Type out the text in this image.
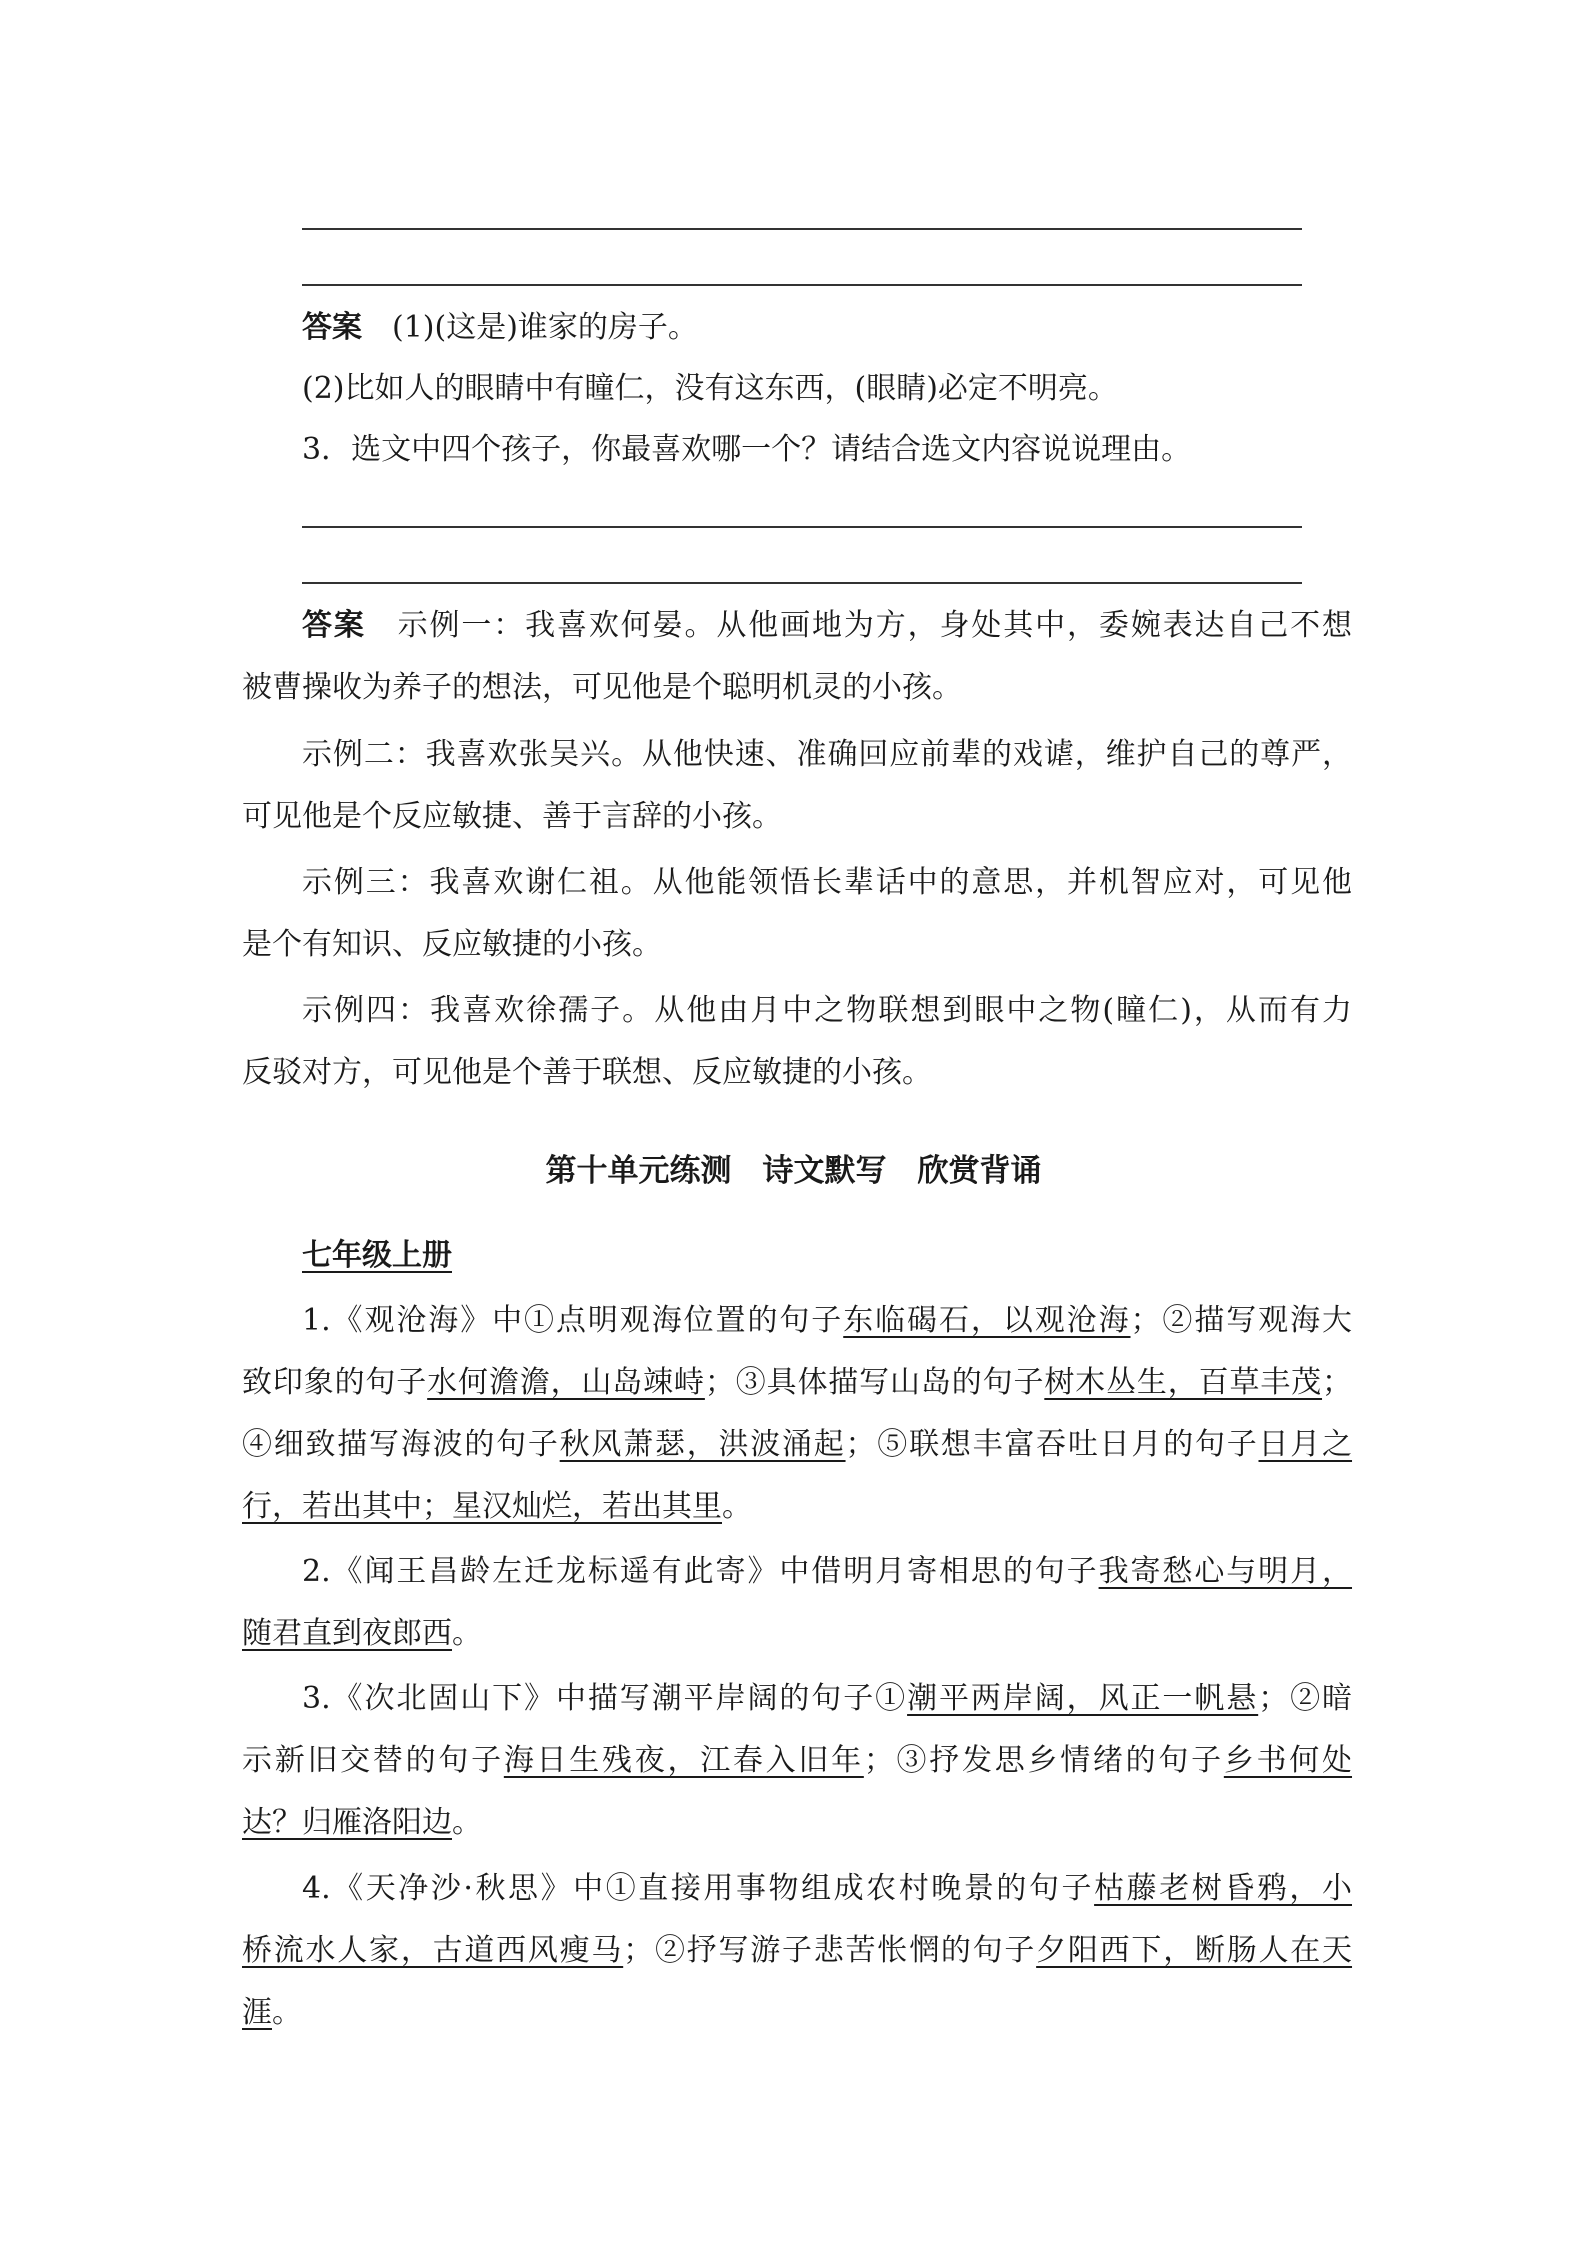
答案　 (1)(这是)谁家的房子。
(2)比如人的眼睛中有瞳仁，没有这东西，(眼睛)必定不明亮。
3．选文中四个孩子，你最喜欢哪一个？请结合选文内容说说理由。
答案　 示例一：我喜欢何晏。从他画地为方，身处其中，委婉表达自己不想
被曹操收为养子的想法，可见他是个聪明机灵的小孩。
示例二：我喜欢张吴兴。从他快速、准确回应前辈的戏谑，维护自己的尊严，
可见他是个反应敏捷、善于言辞的小孩。
示例三：我喜欢谢仁祖。从他能领悟长辈话中的意思，并机智应对，可见他
是个有知识、反应敏捷的小孩。
示例四：我喜欢徐孺子。从他由月中之物联想到眼中之物(瞳仁)，从而有力
反驳对方，可见他是个善于联想、反应敏捷的小孩。
第十单元练测　诗文默写　欣赏背诵
七年级上册
1.《观沧海》中①点明观海位置的句子东临碣石，以观沧海；②描写观海大
致印象的句子水何澹澹，山岛竦峙；③具体描写山岛的句子树木丛生，百草丰茂；
④细致描写海波的句子秋风萧瑟，洪波涌起；⑤联想丰富吞吐日月的句子日月之
行，若出其中；星汉灿烂，若出其里。
2.《闻王昌龄左迁龙标遥有此寄》中借明月寄相思的句子我寄愁心与明月，
随君直到夜郎西。
3.《次北固山下》中描写潮平岸阔的句子①潮平两岸阔，风正一帆悬；②暗
示新旧交替的句子海日生残夜，江春入旧年；③抒发思乡情绪的句子乡书何处
达？归雁洛阳边。
4.《天净沙·秋思》中①直接用事物组成农村晚景的句子枯藤老树昏鸦，小
桥流水人家，古道西风瘦马；②抒写游子悲苦怅惘的句子夕阳西下，断肠人在天
涯。
